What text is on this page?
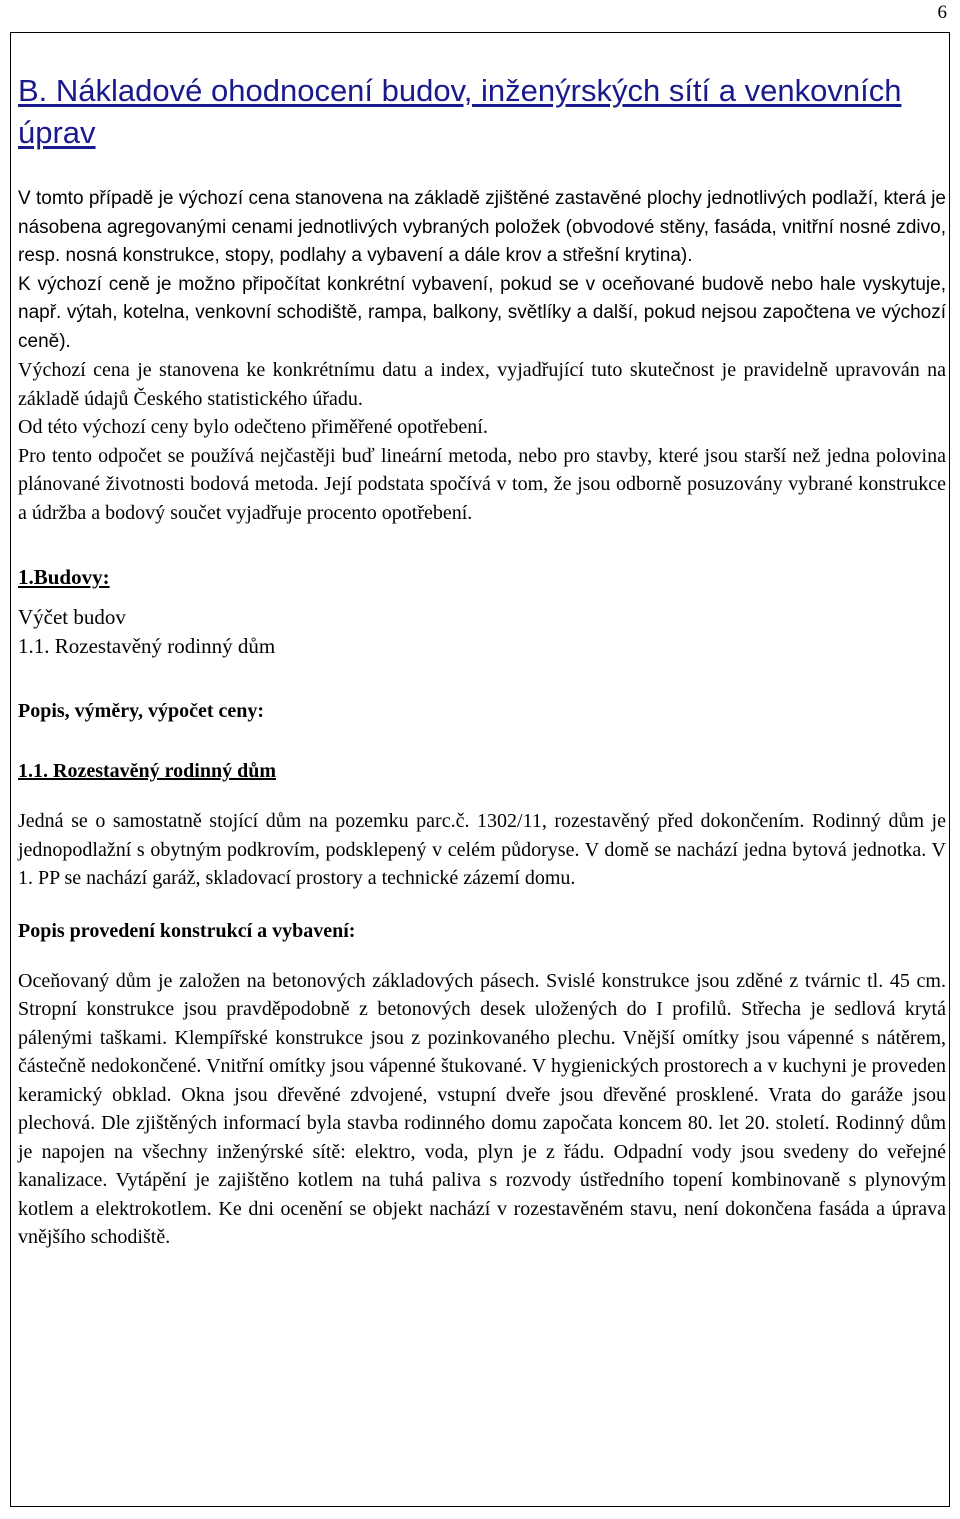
6
B. Nákladové ohodnocení budov, inženýrských sítí a venkovních úprav

V tomto případě je výchozí cena stanovena na základě zjištěné zastavěné plochy jednotlivých podlaží, která je násobena agregovanými cenami jednotlivých vybraných položek (obvodové stěny, fasáda, vnitřní nosné zdivo, resp. nosná konstrukce, stopy, podlahy a vybavení a dále krov a střešní krytina).

K výchozí ceně je možno připočítat konkrétní vybavení, pokud se v oceňované budově nebo hale vyskytuje, např. výtah, kotelna, venkovní schodiště, rampa, balkony, světlíky a další, pokud nejsou započtena ve výchozí ceně).

Výchozí cena je stanovena ke konkrétnímu datu a index, vyjadřující tuto skutečnost je pravidelně upravován na základě údajů Českého statistického úřadu.

Od této výchozí ceny bylo odečteno přiměřené opotřebení.

Pro tento odpočet se používá nejčastěji buď lineární metoda, nebo pro stavby, které jsou starší než jedna polovina plánované životnosti bodová metoda. Její podstata spočívá v tom, že jsou odborně posuzovány vybrané konstrukce a údržba a bodový součet vyjadřuje procento opotřebení.

1.Budovy:
Výčet budov
1.1. Rozestavěný rodinný dům
Popis, výměry, výpočet ceny:
1.1. Rozestavěný rodinný dům

Jedná se o samostatně stojící dům na pozemku parc.č. 1302/11, rozestavěný před dokončením. Rodinný dům je jednopodlažní s obytným podkrovím, podsklepený v celém půdoryse. V domě se nachází jedna bytová jednotka. V 1. PP se nachází garáž, skladovací prostory a technické zázemí domu.

Popis provedení konstrukcí a vybavení:

Oceňovaný dům je založen na betonových základových pásech. Svislé konstrukce jsou zděné z tvárnic tl. 45 cm. Stropní konstrukce jsou pravděpodobně z betonových desek uložených do I profilů. Střecha je sedlová krytá pálenými taškami. Klempířské konstrukce jsou z pozinkovaného plechu. Vnější omítky jsou vápenné s nátěrem, částečně nedokončené. Vnitřní omítky jsou vápenné štukované. V hygienických prostorech a v kuchyni je proveden keramický obklad. Okna jsou dřevěné zdvojené, vstupní dveře jsou dřevěné prosklené. Vrata do garáže jsou plechová. Dle zjištěných informací byla stavba rodinného domu započata koncem 80. let 20. století. Rodinný dům je napojen na všechny inženýrské sítě: elektro, voda, plyn je z řádu. Odpadní vody jsou svedeny do veřejné kanalizace. Vytápění je zajištěno kotlem na tuhá paliva s rozvody ústředního topení kombinovaně s plynovým kotlem a elektrokotlem. Ke dni ocenění se objekt nachází v rozestavěném stavu, není dokončena fasáda a úprava vnějšího schodiště.
